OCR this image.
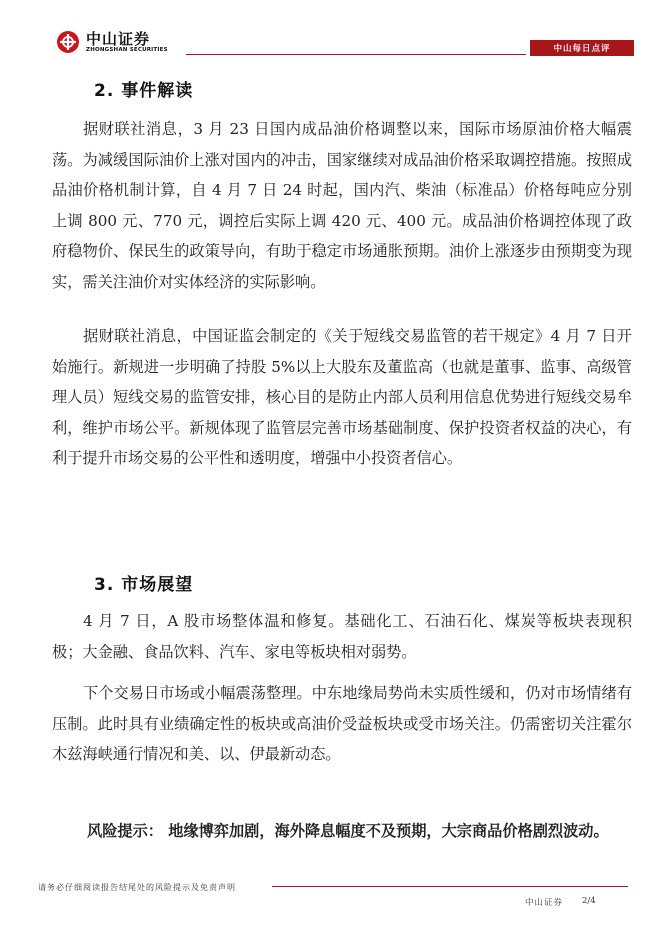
中山证券
ZHONGSHAN SECURITIES	中山每日点评
2. 事件解读

据财联社消息，3 月 23 日国内成品油价格调整以来，国际市场原油价格大幅震荡。为减缓国际油价上涨对国内的冲击，国家继续对成品油价格采取调控措施。按照成品油价格机制计算，自 4 月 7 日 24 时起，国内汽、柴油（标准品）价格每吨应分别上调 800 元、770 元，调控后实际上调 420 元、400 元。成品油价格调控体现了政府稳物价、保民生的政策导向，有助于稳定市场通胀预期。油价上涨逐步由预期变为现实，需关注油价对实体经济的实际影响。

据财联社消息，中国证监会制定的《关于短线交易监管的若干规定》4 月 7 日开始施行。新规进一步明确了持股 5%以上大股东及董监高（也就是董事、监事、高级管理人员）短线交易的监管安排，核心目的是防止内部人员利用信息优势进行短线交易牟利，维护市场公平。新规体现了监管层完善市场基础制度、保护投资者权益的决心，有利于提升市场交易的公平性和透明度，增强中小投资者信心。

3. 市场展望

4 月 7 日，A 股市场整体温和修复。基础化工、石油石化、煤炭等板块表现积极；大金融、食品饮料、汽车、家电等板块相对弱势。

下个交易日市场或小幅震荡整理。中东地缘局势尚未实质性缓和，仍对市场情绪有压制。此时具有业绩确定性的板块或高油价受益板块或受市场关注。仍需密切关注霍尔木兹海峡通行情况和美、以、伊最新动态。

风险提示： 地缘博弈加剧，海外降息幅度不及预期，大宗商品价格剧烈波动。

请务必仔细阅读报告结尾处的风险提示及免责声明
中山证券 2/4
